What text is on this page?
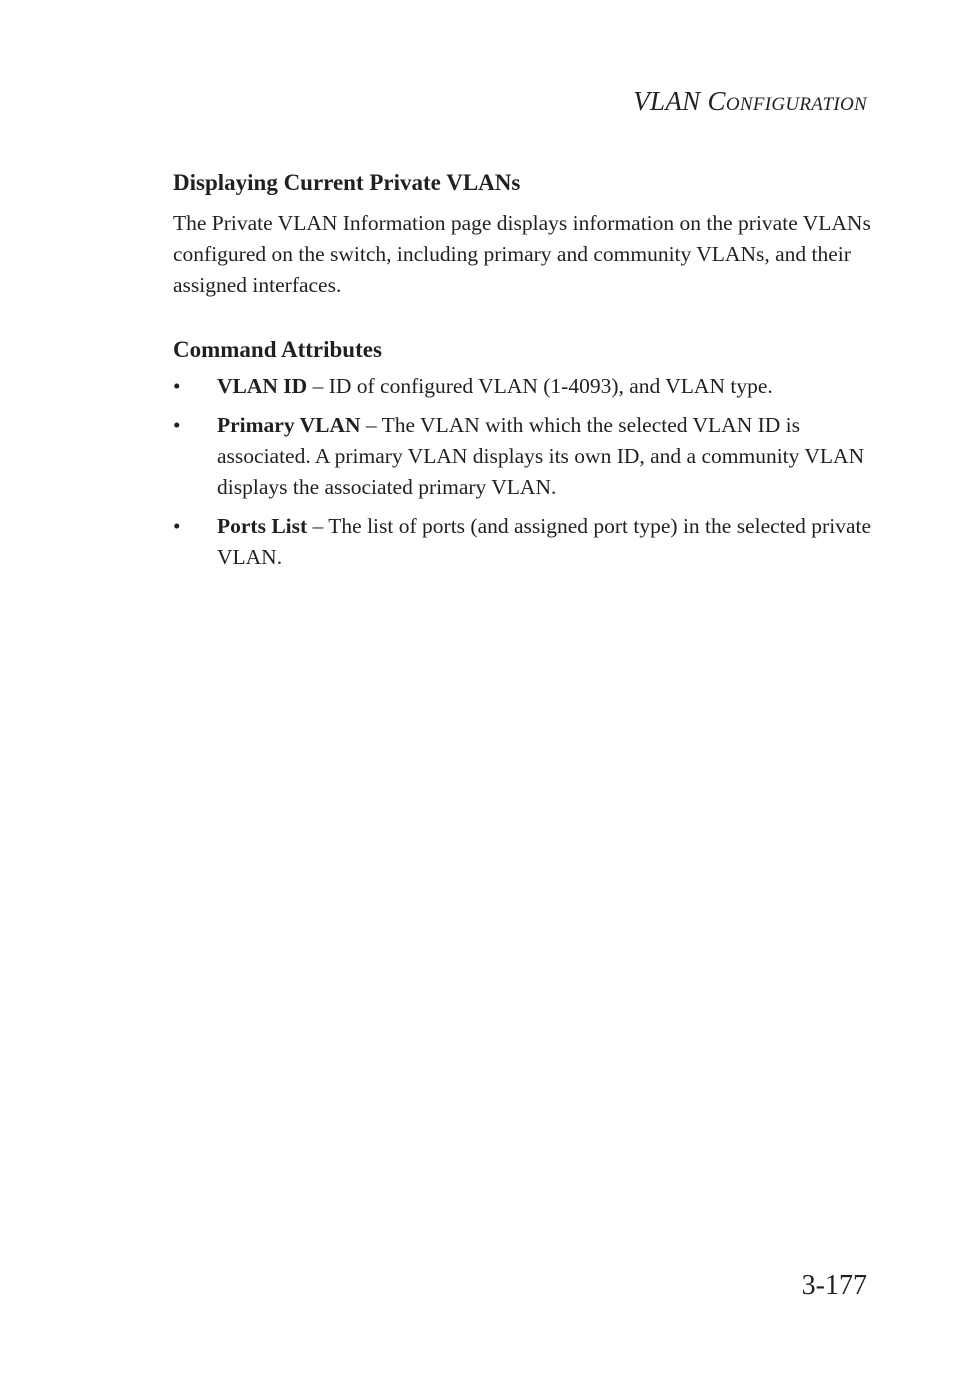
VLAN Configuration
Displaying Current Private VLANs

The Private VLAN Information page displays information on the private VLANs configured on the switch, including primary and community VLANs, and their assigned interfaces.

Command Attributes
• VLAN ID – ID of configured VLAN (1-4093), and VLAN type.
• Primary VLAN – The VLAN with which the selected VLAN ID is associated. A primary VLAN displays its own ID, and a community VLAN displays the associated primary VLAN.
• Ports List – The list of ports (and assigned port type) in the selected private VLAN.
3-177
